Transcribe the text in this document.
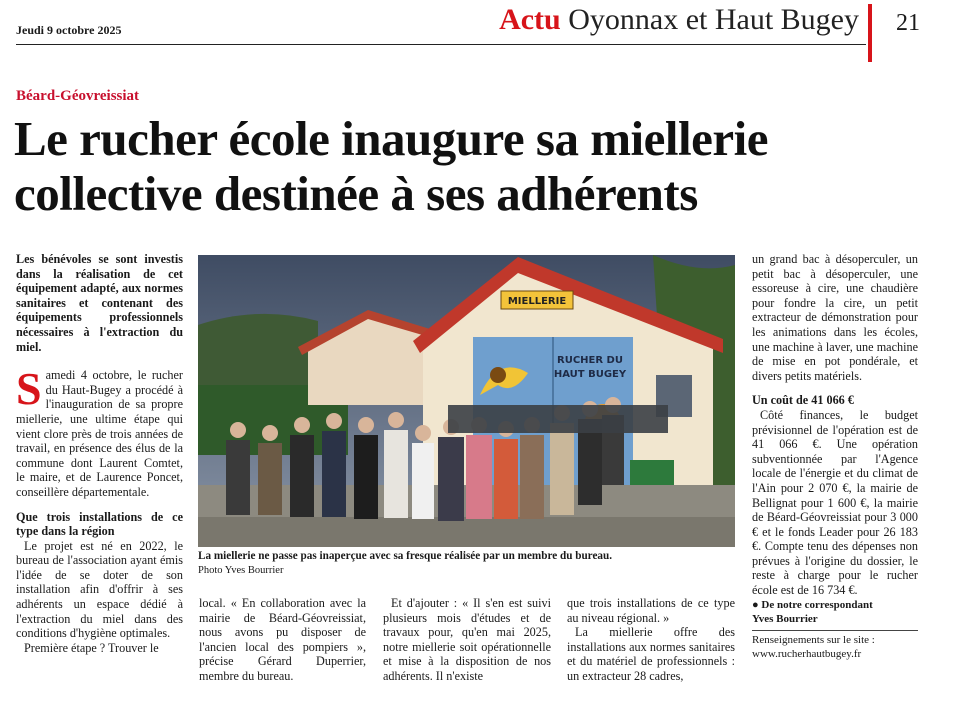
Jeudi 9 octobre 2025	Actu Oyonnax et Haut Bugey 21
Béard-Géovreissiat
Le rucher école inaugure sa miellerie collective destinée à ses adhérents

Les bénévoles se sont investis dans la réalisation de cet équipement adapté, aux normes sanitaires et contenant des équipements professionnels nécessaires à l'extraction du miel.

Samedi 4 octobre, le rucher du Haut-Bugey a procédé à l'inauguration de sa propre miellerie, une ultime étape qui vient clore près de trois années de travail, en présence des élus de la commune dont Laurent Comtet, le maire, et de Laurence Poncet, conseillère départementale.

Que trois installations de ce type dans la région

Le projet est né en 2022, le bureau de l'association ayant émis l'idée de se doter de son installation afin d'offrir à ses adhérents un espace dédié à l'extraction du miel dans des conditions d'hygiène optimales.

Première étape ? Trouver le

MIELLERIE
RUCHER DU
HAUT BUGEY
La miellerie ne passe pas inaperçue avec sa fresque réalisée par un membre du bureau.
Photo Yves Bourrier

local. « En collaboration avec la mairie de Béard-Géovreissiat, nous avons pu disposer de l'ancien local des pompiers », précise Gérard Duperrier, membre du bureau.

Et d'ajouter : « Il s'en est suivi plusieurs mois d'études et de travaux pour, qu'en mai 2025, notre miellerie soit opérationnelle et mise à la disposition de nos adhérents. Il n'existe

que trois installations de ce type au niveau régional. »

La miellerie offre des installations aux normes sanitaires et du matériel de professionnels : un extracteur 28 cadres,

un grand bac à désoperculer, un petit bac à désoperculer, une essoreuse à cire, une chaudière pour fondre la cire, un petit extracteur de démonstration pour les animations dans les écoles, une machine à laver, une machine de mise en pot pondérale, et divers petits matériels.

Un coût de 41 066 €

Côté finances, le budget prévisionnel de l'opération est de 41 066 €. Une opération subventionnée par l'Agence locale de l'énergie et du climat de l'Ain pour 2 070 €, la mairie de Bellignat pour 1 600 €, la mairie de Béard-Géovreissiat pour 3 000 € et le fonds Leader pour 26 183 €. Compte tenu des dépenses non prévues à l'origine du dossier, le reste à charge pour le rucher école est de 16 734 €.

● De notre correspondant

Yves Bourrier

Renseignements sur le site :

www.rucherhautbugey.fr
